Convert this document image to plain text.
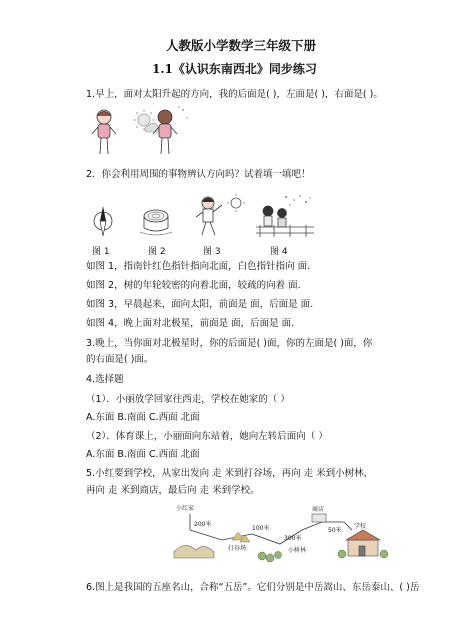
人教版小学数学三年级下册
1.1《认识东南西北》同步练习
1.早上，面对太阳升起的方向，我的后面是( )，左面是( )，右面是( )。
2．你会利用周围的事物辨认方向吗？试着填一填吧！
图 1	图 2	图 3	图 4
如图 1，指南针红色指针指向北面，白色指针指向 面.
如图 2，树的年轮较密的向着北面，较疏的向着 面.
如图 3，早晨起来，面向太阳，前面是 面，后面是 面.
如图 4，晚上面对北极星，前面是 面，后面是 面.
3.晚上，当你面对北极星时，你的后面是( )面，你的左面是( )面，你
的右面是( )面。
4.选择题
（1）．小丽放学回家往西走，学校在她家的（ ）
A.东面 B.南面 C.西面 北面
（2）．体育课上，小丽面向东站着，她向左转后面向（ ）
A.东面 B.南面 C.西面 北面
5.小红要到学校，从家出发向 走 米到打谷场，再向 走 米到小树林，
再向 走 米到商店，最后向 走 米到学校。
小红家
200米
打谷场
100米
小树林
300米
商店
50米
学校
6.图上是我国的五座名山，合称“五岳”。它们分别是中岳嵩山、东岳泰山、( )岳
